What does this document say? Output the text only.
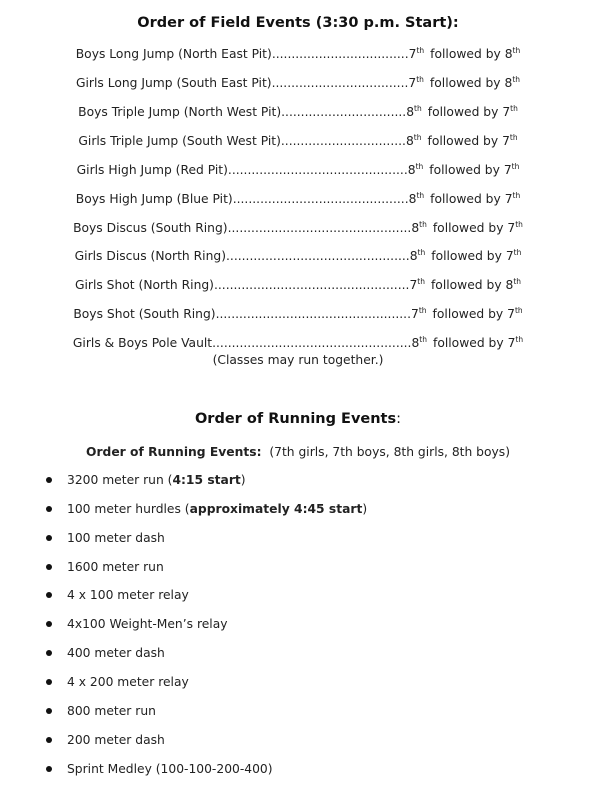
Order of Field Events (3:30 p.m. Start):
Boys Long Jump (North East Pit)...................................7th followed by 8th
Girls Long Jump (South East Pit)...................................7th followed by 8th
Boys Triple Jump (North West Pit)................................8th followed by 7th
Girls Triple Jump (South West Pit)................................8th followed by 7th
Girls High Jump (Red Pit)..............................................8th followed by 7th
Boys High Jump (Blue Pit).............................................8th followed by 7th
Boys Discus (South Ring)...............................................8th followed by 7th
Girls Discus (North Ring)...............................................8th followed by 7th
Girls Shot (North Ring)..................................................7th followed by 8th
Boys Shot (South Ring)..................................................7th followed by 7th
Girls & Boys Pole Vault...................................................8th followed by 7th
(Classes may run together.)
Order of Running Events:
Order of Running Events: (7th girls, 7th boys, 8th girls, 8th boys)
3200 meter run (4:15 start)
100 meter hurdles (approximately 4:45 start)
100 meter dash
1600 meter run
4 x 100 meter relay
4x100 Weight-Men’s relay
400 meter dash
4 x 200 meter relay
800 meter run
200 meter dash
Sprint Medley (100-100-200-400)
